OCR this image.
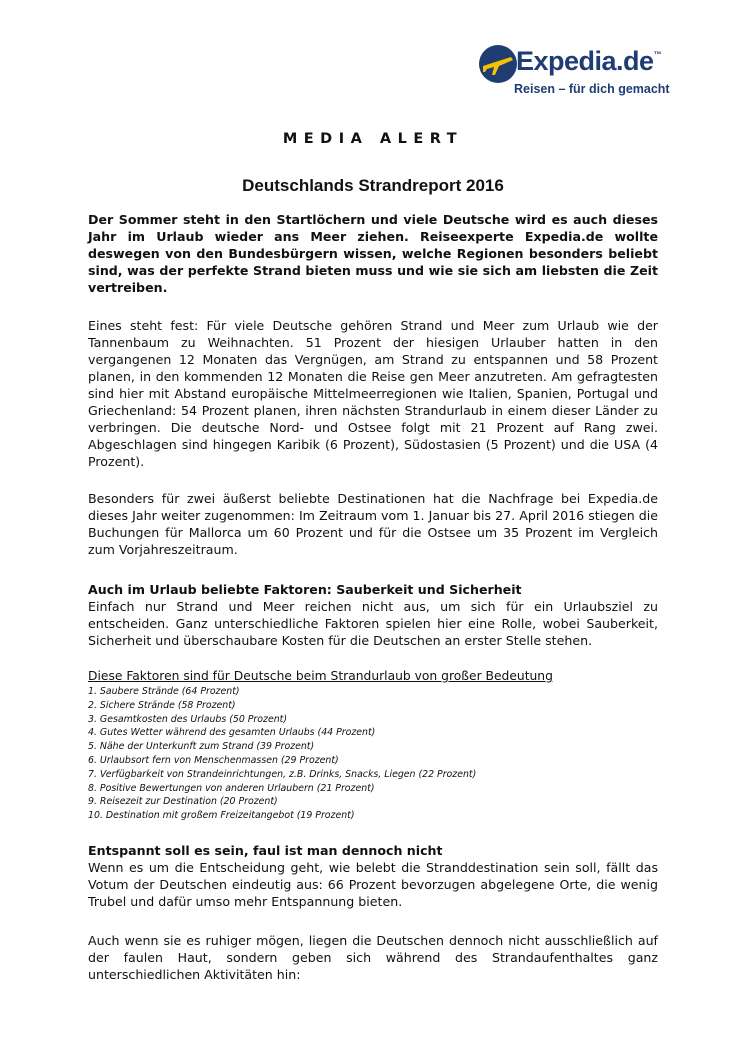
Expedia.de™
Reisen – für dich gemacht
MEDIA ALERT
Deutschlands Strandreport 2016

Der Sommer steht in den Startlöchern und viele Deutsche wird es auch dieses Jahr im Urlaub wieder ans Meer ziehen. Reiseexperte Expedia.de wollte deswegen von den Bundesbürgern wissen, welche Regionen besonders beliebt sind, was der perfekte Strand bieten muss und wie sie sich am liebsten die Zeit vertreiben.

Eines steht fest: Für viele Deutsche gehören Strand und Meer zum Urlaub wie der Tannenbaum zu Weihnachten. 51 Prozent der hiesigen Urlauber hatten in den vergangenen 12 Monaten das Vergnügen, am Strand zu entspannen und 58 Prozent planen, in den kommenden 12 Monaten die Reise gen Meer anzutreten. Am gefragtesten sind hier mit Abstand europäische Mittelmeerregionen wie Italien, Spanien, Portugal und Griechenland: 54 Prozent planen, ihren nächsten Strandurlaub in einem dieser Länder zu verbringen. Die deutsche Nord- und Ostsee folgt mit 21 Prozent auf Rang zwei. Abgeschlagen sind hingegen Karibik (6 Prozent), Südostasien (5 Prozent) und die USA (4 Prozent).

Besonders für zwei äußerst beliebte Destinationen hat die Nachfrage bei Expedia.de dieses Jahr weiter zugenommen: Im Zeitraum vom 1. Januar bis 27. April 2016 stiegen die Buchungen für Mallorca um 60 Prozent und für die Ostsee um 35 Prozent im Vergleich zum Vorjahreszeitraum.

Auch im Urlaub beliebte Faktoren: Sauberkeit und Sicherheit

Einfach nur Strand und Meer reichen nicht aus, um sich für ein Urlaubsziel zu entscheiden. Ganz unterschiedliche Faktoren spielen hier eine Rolle, wobei Sauberkeit, Sicherheit und überschaubare Kosten für die Deutschen an erster Stelle stehen.

Diese Faktoren sind für Deutsche beim Strandurlaub von großer Bedeutung
1. Saubere Strände (64 Prozent)
2. Sichere Strände (58 Prozent)
3. Gesamtkosten des Urlaubs (50 Prozent)
4. Gutes Wetter während des gesamten Urlaubs (44 Prozent)
5. Nähe der Unterkunft zum Strand (39 Prozent)
6. Urlaubsort fern von Menschenmassen (29 Prozent)
7. Verfügbarkeit von Strandeinrichtungen, z.B. Drinks, Snacks, Liegen (22 Prozent)
8. Positive Bewertungen von anderen Urlaubern (21 Prozent)
9. Reisezeit zur Destination (20 Prozent)
10. Destination mit großem Freizeitangebot (19 Prozent)
Entspannt soll es sein, faul ist man dennoch nicht

Wenn es um die Entscheidung geht, wie belebt die Stranddestination sein soll, fällt das Votum der Deutschen eindeutig aus: 66 Prozent bevorzugen abgelegene Orte, die wenig Trubel und dafür umso mehr Entspannung bieten.

Auch wenn sie es ruhiger mögen, liegen die Deutschen dennoch nicht ausschließlich auf der faulen Haut, sondern geben sich während des Strandaufenthaltes ganz unterschiedlichen Aktivitäten hin:
